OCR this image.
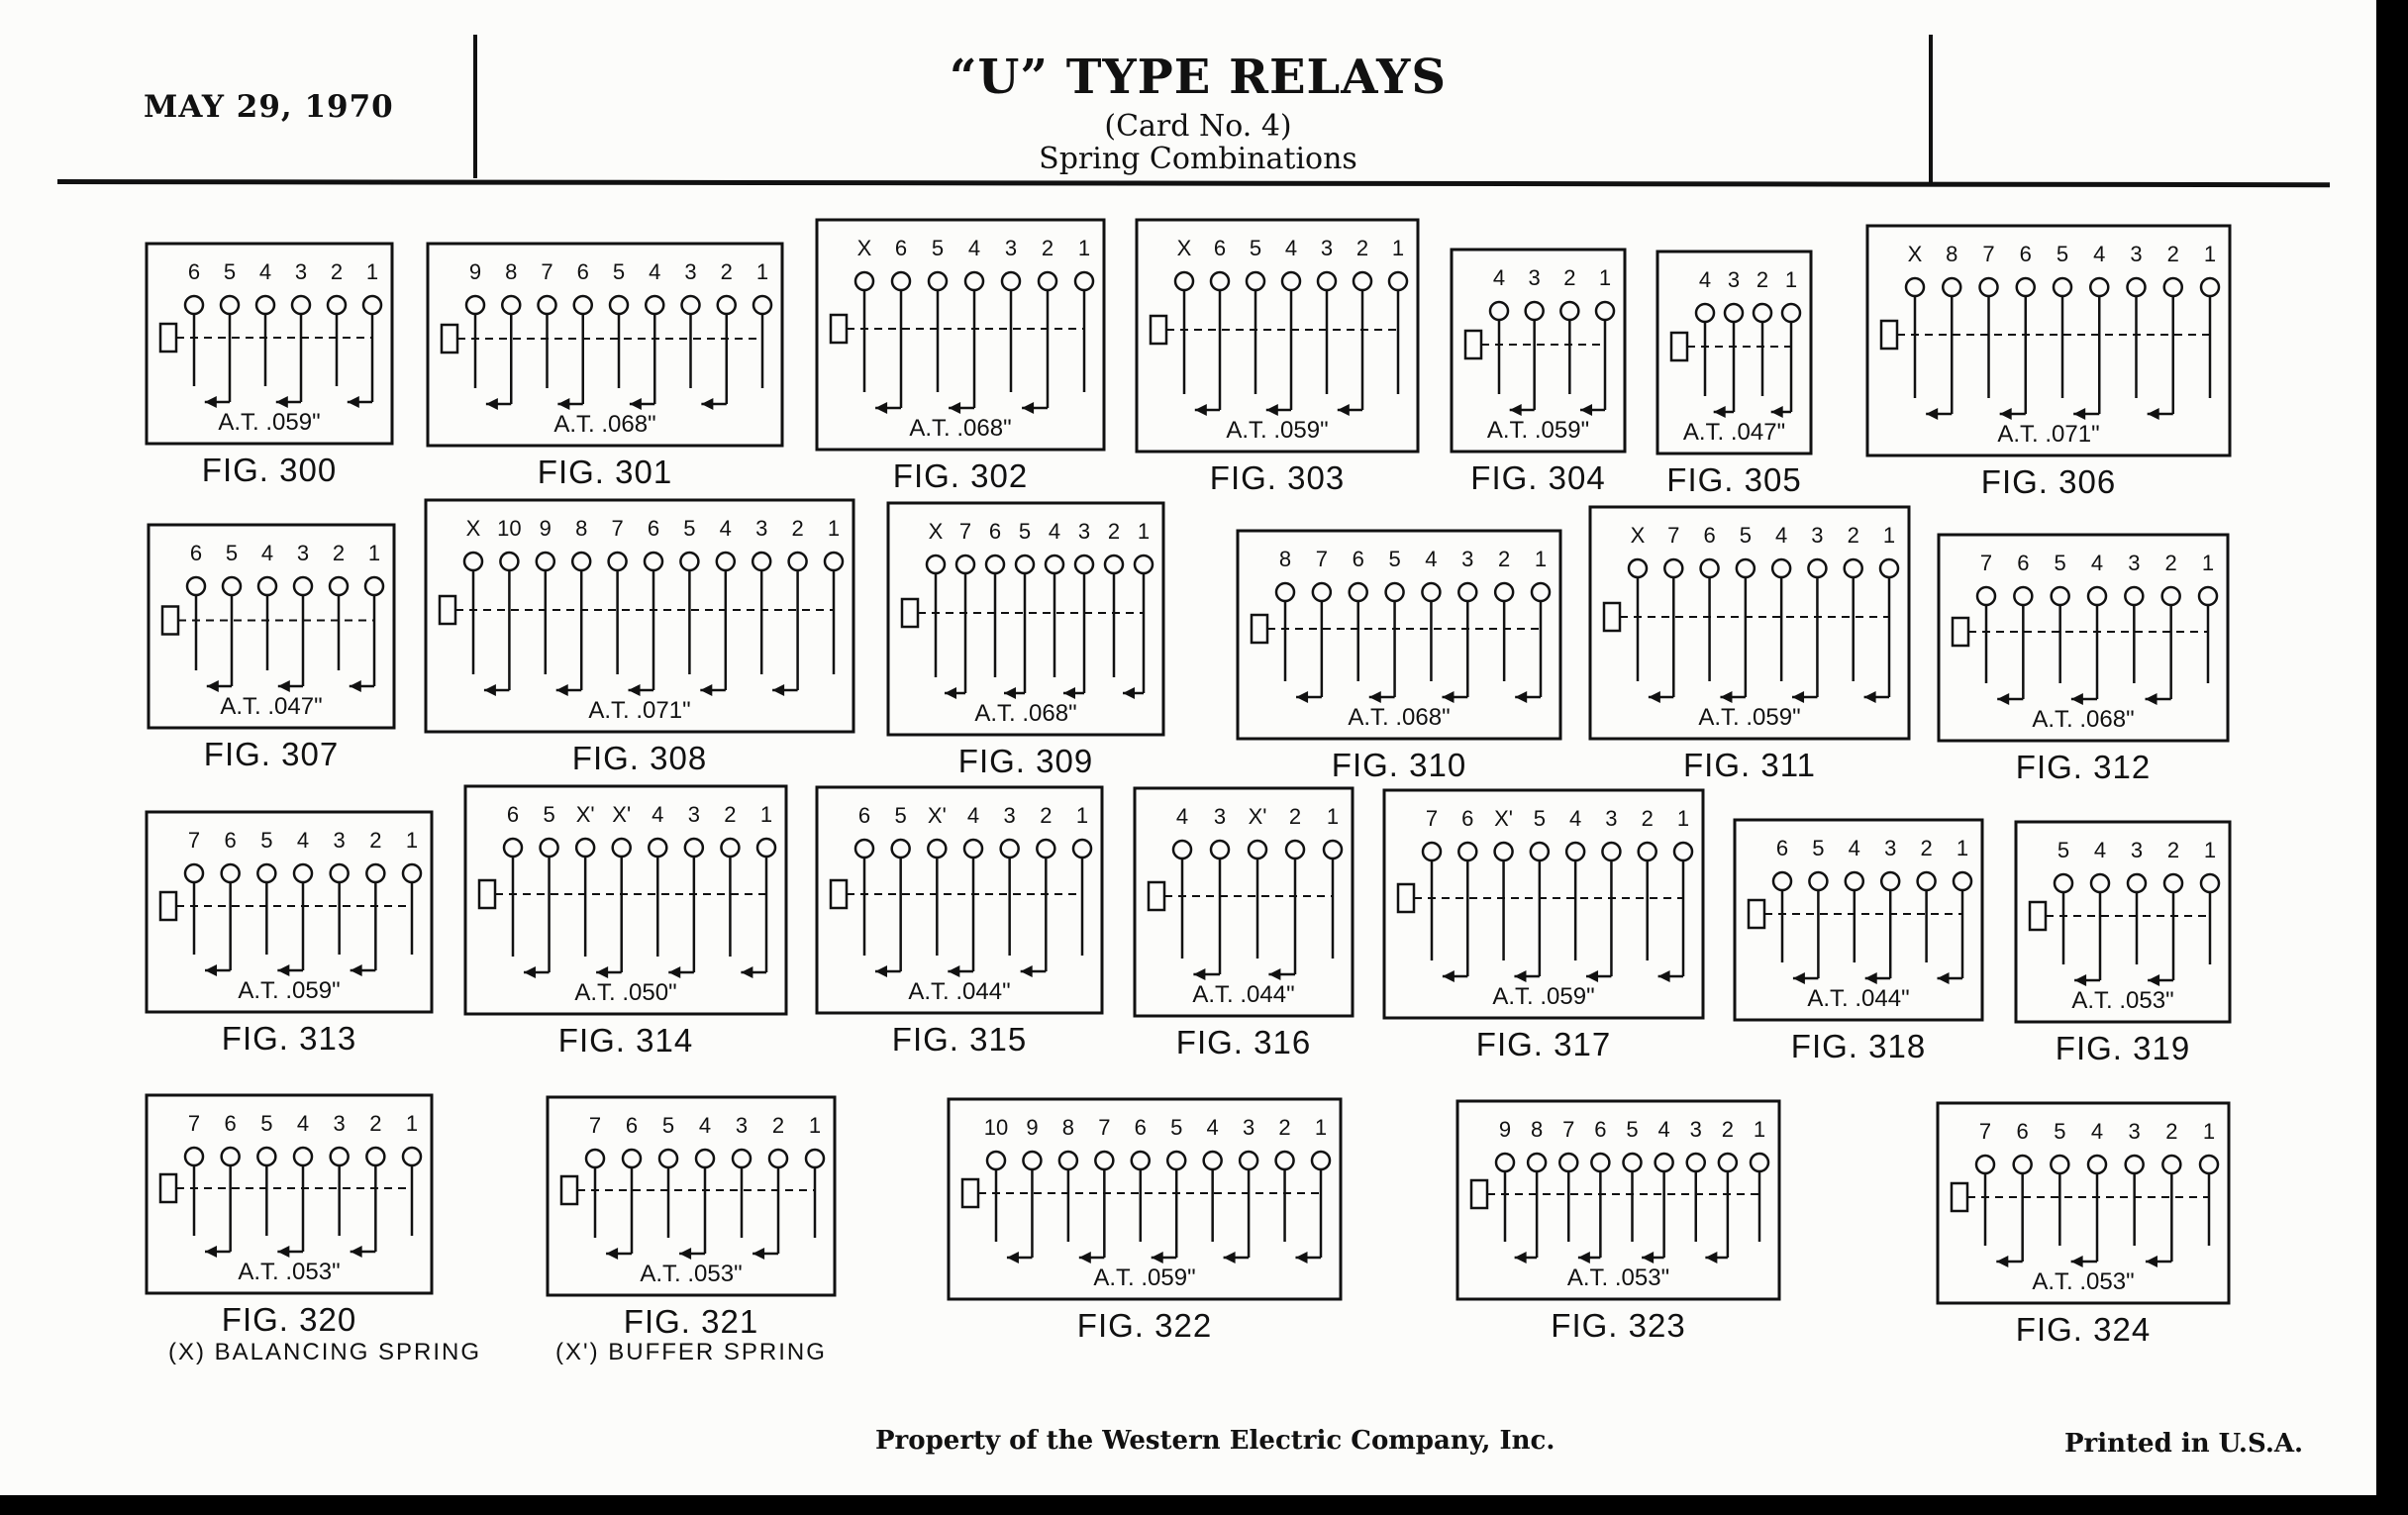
MAY 29, 1970
“U” TYPE RELAYS
(Card No. 4)
Spring Combinations
6 5 4 3 2 1
A.T. .059"
FIG. 300
9 8 7 6 5 4 3 2 1
A.T. .068"
FIG. 301
X 6 5 4 3 2 1
A.T. .068"
FIG. 302
X 6 5 4 3 2 1
A.T. .059"
FIG. 303
4 3 2 1
A.T. .059"
FIG. 304
4 3 2 1
A.T. .047"
FIG. 305
X 8 7 6 5 4 3 2 1
A.T. .071"
FIG. 306
6 5 4 3 2 1
A.T. .047"
FIG. 307
X 10 9 8 7 6 5 4 3 2 1
A.T. .071"
FIG. 308
X 7 6 5 4 3 2 1
A.T. .068"
FIG. 309
8 7 6 5 4 3 2 1
A.T. .068"
FIG. 310
X 7 6 5 4 3 2 1
A.T. .059"
FIG. 311
7 6 5 4 3 2 1
A.T. .068"
FIG. 312
7 6 5 4 3 2 1
A.T. .059"
FIG. 313
6 5 X' X' 4 3 2 1
A.T. .050"
FIG. 314
6 5 X' 4 3 2 1
A.T. .044"
FIG. 315
4 3 X' 2 1
A.T. .044"
FIG. 316
7 6 X' 5 4 3 2 1
A.T. .059"
FIG. 317
6 5 4 3 2 1
A.T. .044"
FIG. 318
5 4 3 2 1
A.T. .053"
FIG. 319
7 6 5 4 3 2 1
A.T. .053"
FIG. 320
7 6 5 4 3 2 1
A.T. .053"
FIG. 321
10 9 8 7 6 5 4 3 2 1
A.T. .059"
FIG. 322
9 8 7 6 5 4 3 2 1
A.T. .053"
FIG. 323
7 6 5 4 3 2 1
A.T. .053"
FIG. 324
(X) BALANCING SPRING	(X') BUFFER SPRING
Property of the Western Electric Company, Inc.	Printed in U.S.A.
